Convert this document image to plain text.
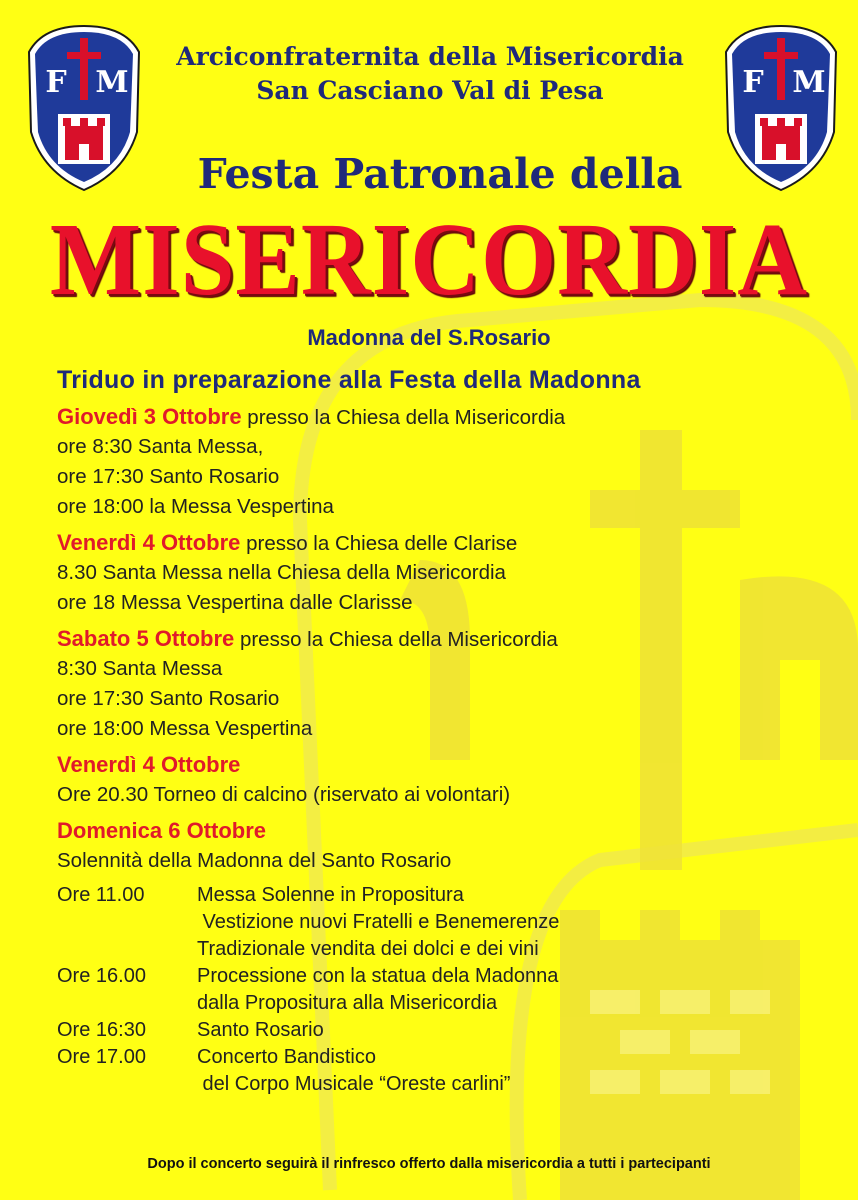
F M	F M
Arciconfraternita della Misericordia
San Casciano Val di Pesa
Festa Patronale della
MISERICORDIA
Madonna del S.Rosario
Triduo in preparazione alla Festa della Madonna
Giovedì 3 Ottobre presso la Chiesa della Misericordia
ore 8:30 Santa Messa,
ore 17:30 Santo Rosario
ore 18:00 la Messa Vespertina
Venerdì 4 Ottobre presso la Chiesa delle Clarise
8.30 Santa Messa nella Chiesa della Misericordia
ore 18 Messa Vespertina dalle Clarisse
Sabato 5 Ottobre presso la Chiesa della Misericordia
8:30 Santa Messa
ore 17:30 Santo Rosario
ore 18:00 Messa Vespertina
Venerdì 4 Ottobre
Ore 20.30 Torneo di calcino (riservato ai volontari)
Domenica 6 Ottobre
Solennità della Madonna del Santo Rosario
Ore 11.00	Messa Solenne in Propositura
Vestizione nuovi Fratelli e Benemerenze
Tradizionale vendita dei dolci e dei vini
Ore 16.00	Processione con la statua dela Madonna
dalla Propositura alla Misericordia
Ore 16:30	Santo Rosario
Ore 17.00	Concerto Bandistico
del Corpo Musicale “Oreste carlini”
Dopo il concerto seguirà il rinfresco offerto dalla misericordia a tutti i partecipanti
